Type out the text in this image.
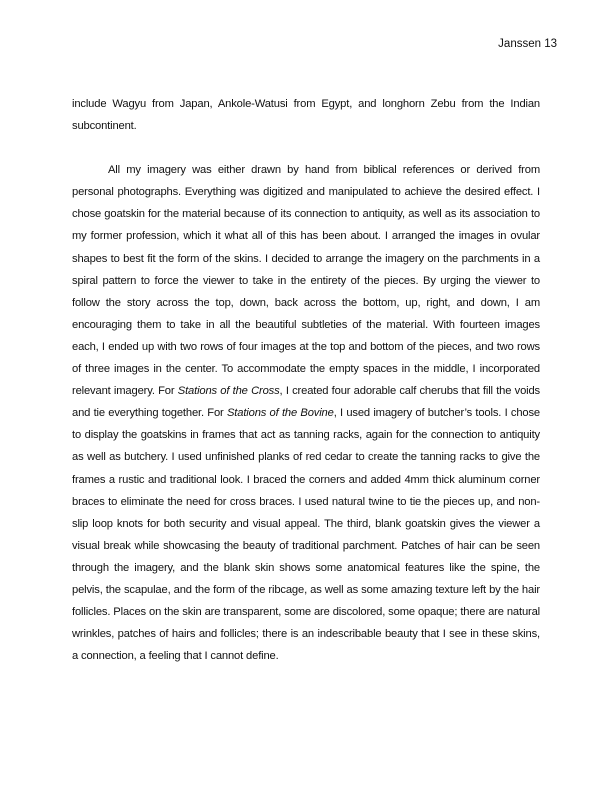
Janssen 13

include Wagyu from Japan, Ankole-Watusi from Egypt, and longhorn Zebu from the Indian subcontinent.

All my imagery was either drawn by hand from biblical references or derived from personal photographs. Everything was digitized and manipulated to achieve the desired effect. I chose goatskin for the material because of its connection to antiquity, as well as its association to my former profession, which it what all of this has been about. I arranged the images in ovular shapes to best fit the form of the skins. I decided to arrange the imagery on the parchments in a spiral pattern to force the viewer to take in the entirety of the pieces. By urging the viewer to follow the story across the top, down, back across the bottom, up, right, and down, I am encouraging them to take in all the beautiful subtleties of the material. With fourteen images each, I ended up with two rows of four images at the top and bottom of the pieces, and two rows of three images in the center. To accommodate the empty spaces in the middle, I incorporated relevant imagery. For Stations of the Cross, I created four adorable calf cherubs that fill the voids and tie everything together. For Stations of the Bovine, I used imagery of butcher’s tools. I chose to display the goatskins in frames that act as tanning racks, again for the connection to antiquity as well as butchery. I used unfinished planks of red cedar to create the tanning racks to give the frames a rustic and traditional look. I braced the corners and added 4mm thick aluminum corner braces to eliminate the need for cross braces. I used natural twine to tie the pieces up, and non-slip loop knots for both security and visual appeal. The third, blank goatskin gives the viewer a visual break while showcasing the beauty of traditional parchment. Patches of hair can be seen through the imagery, and the blank skin shows some anatomical features like the spine, the pelvis, the scapulae, and the form of the ribcage, as well as some amazing texture left by the hair follicles. Places on the skin are transparent, some are discolored, some opaque; there are natural wrinkles, patches of hairs and follicles; there is an indescribable beauty that I see in these skins, a connection, a feeling that I cannot define.
